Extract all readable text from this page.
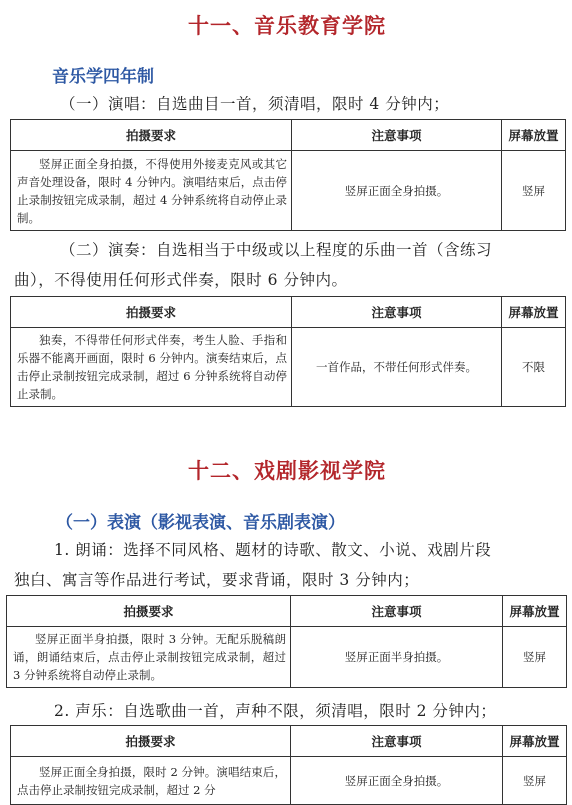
十一、音乐教育学院
音乐学四年制
（一）演唱：自选曲目一首，须清唱，限时 4 分钟内；
拍摄要求	注意事项	屏幕放置
竖屏正面全身拍摄，不得使用外接麦克风或其它声音处理设备，限时 4 分钟内。演唱结束后，点击停止录制按钮完成录制，超过 4 分钟系统将自动停止录制。	竖屏正面全身拍摄。	竖屏
（二）演奏：自选相当于中级或以上程度的乐曲一首（含练习
曲），不得使用任何形式伴奏，限时 6 分钟内。
拍摄要求	注意事项	屏幕放置
独奏，不得带任何形式伴奏，考生人脸、手指和乐器不能离开画面，限时 6 分钟内。演奏结束后，点击停止录制按钮完成录制，超过 6 分钟系统将自动停止录制。	一首作品，不带任何形式伴奏。	不限
十二、戏剧影视学院
（一）表演（影视表演、音乐剧表演）
1. 朗诵：选择不同风格、题材的诗歌、散文、小说、戏剧片段
独白、寓言等作品进行考试，要求背诵，限时 3 分钟内；
拍摄要求	注意事项	屏幕放置
竖屏正面半身拍摄，限时 3 分钟。无配乐脱稿朗诵，朗诵结束后，点击停止录制按钮完成录制，超过 3 分钟系统将自动停止录制。	竖屏正面半身拍摄。	竖屏
2. 声乐：自选歌曲一首，声种不限，须清唱，限时 2 分钟内；
拍摄要求	注意事项	屏幕放置
竖屏正面全身拍摄，限时 2 分钟。演唱结束后，点击停止录制按钮完成录制，超过 2 分	竖屏正面全身拍摄。	竖屏
